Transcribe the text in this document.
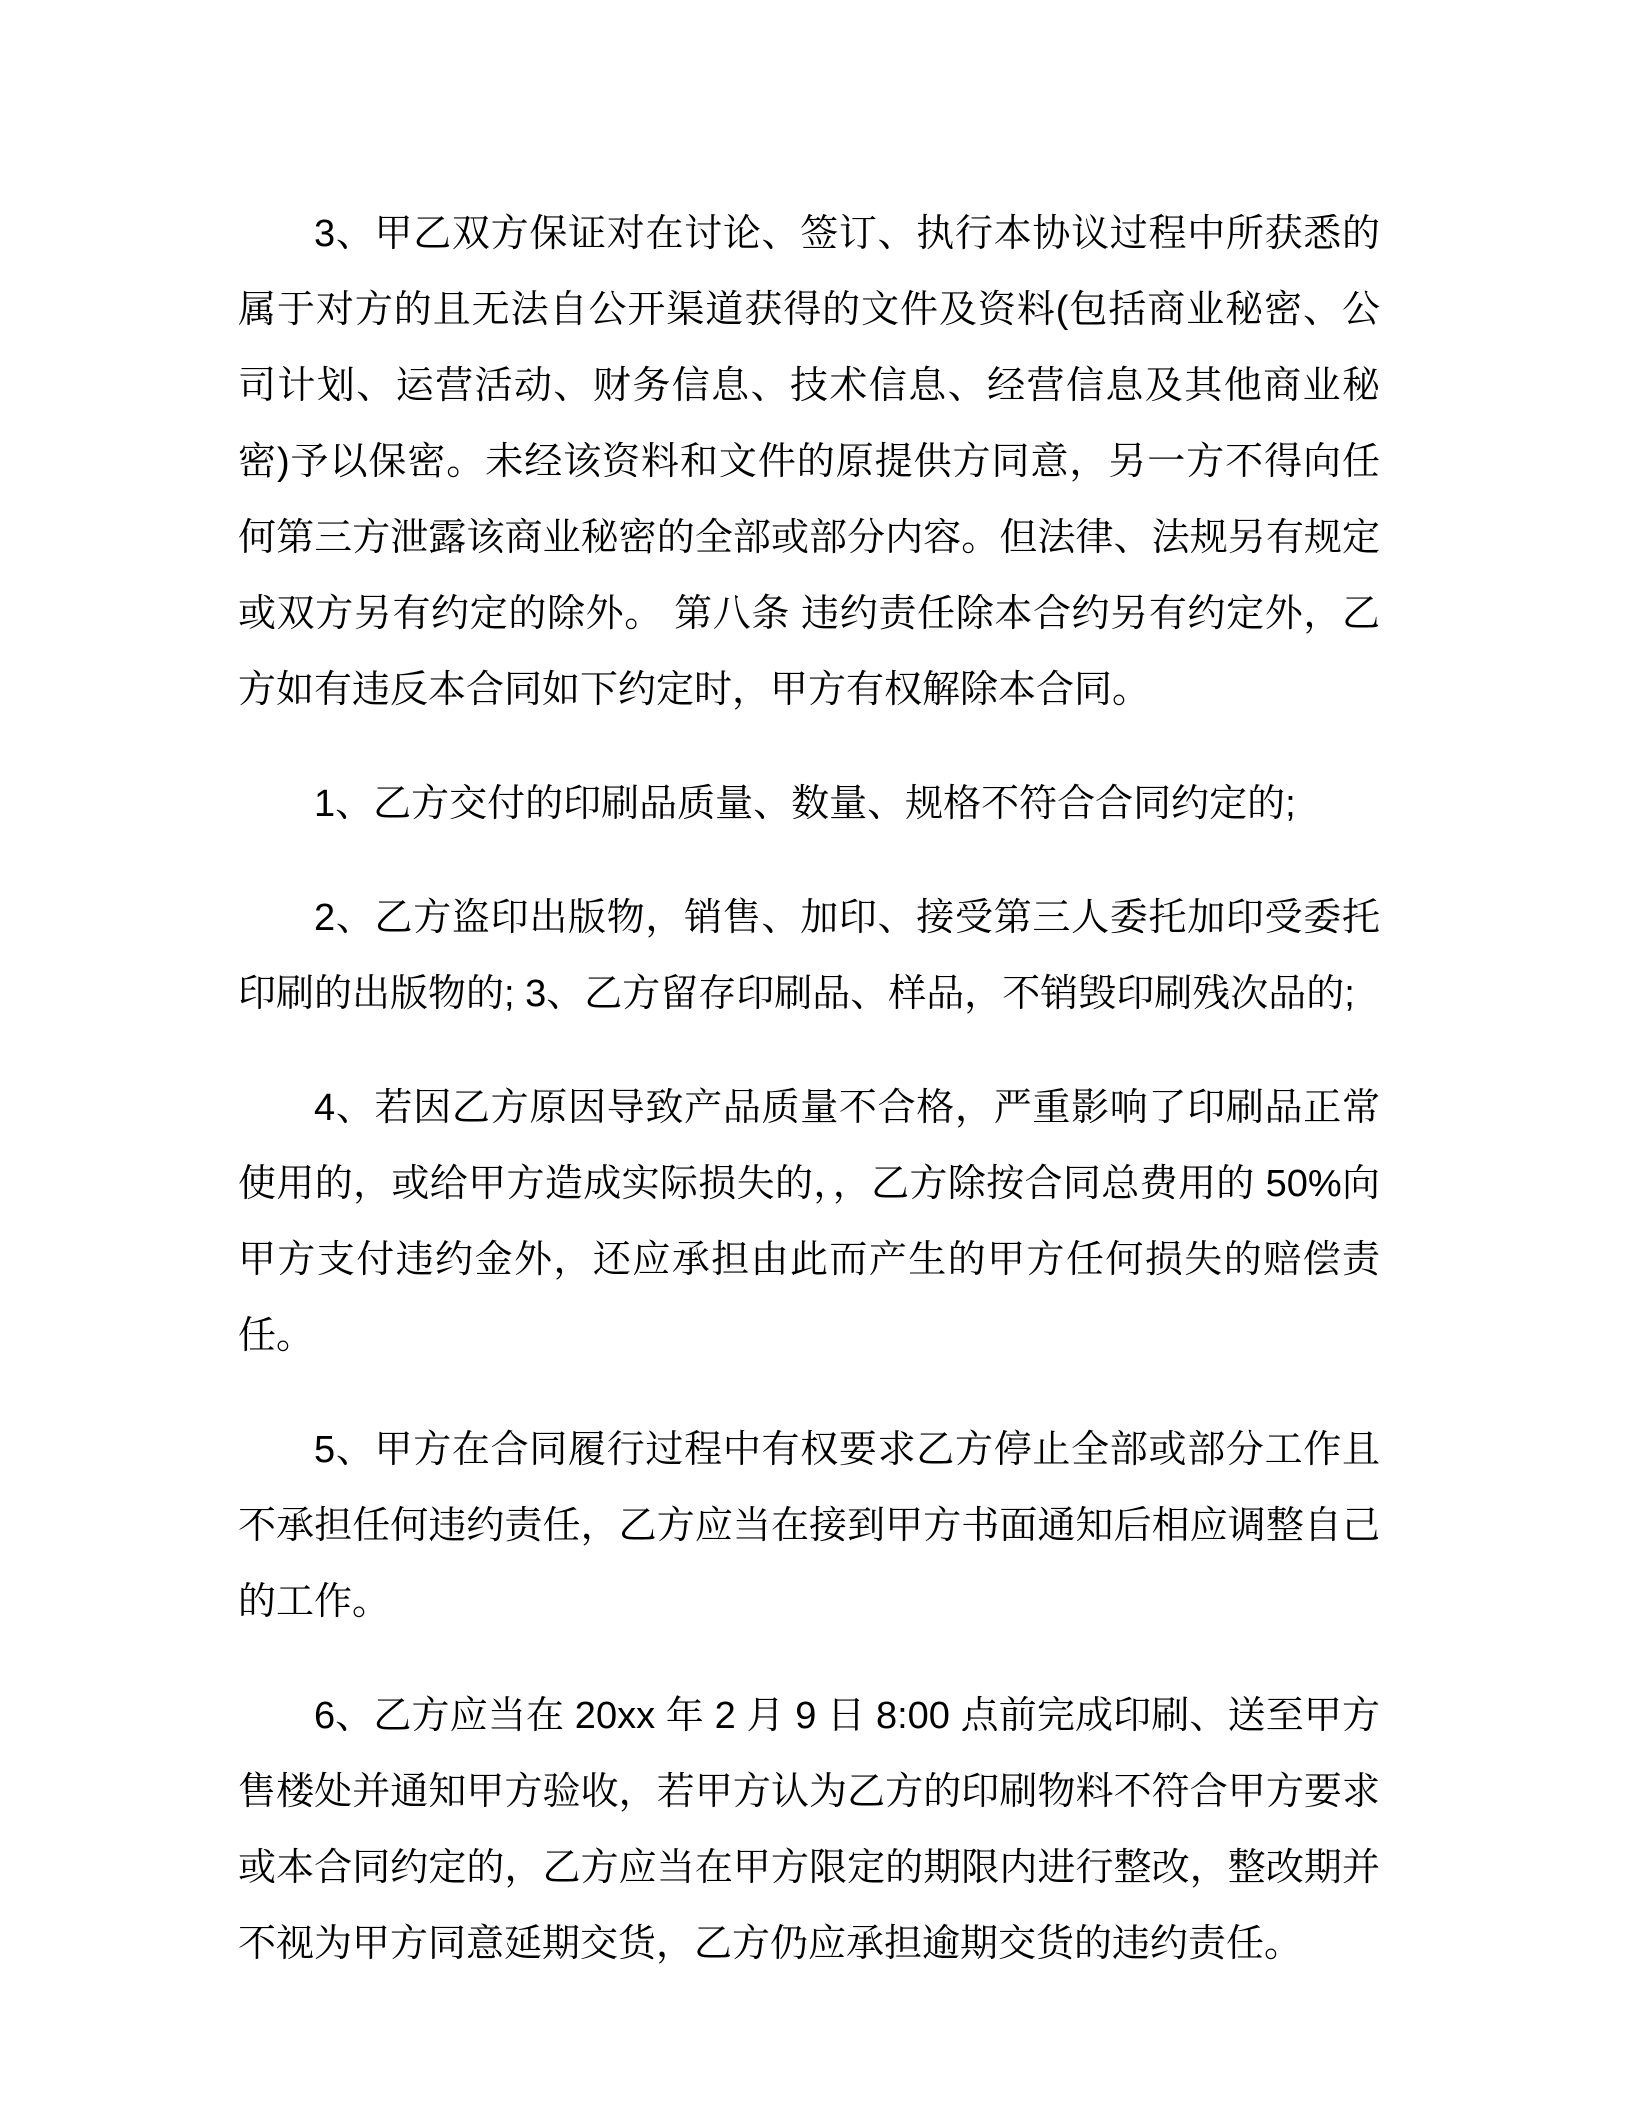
3、甲乙双方保证对在讨论、签订、执行本协议过程中所获悉的属于对方的且无法自公开渠道获得的文件及资料(包括商业秘密、公司计划、运营活动、财务信息、技术信息、经营信息及其他商业秘密)予以保密。未经该资料和文件的原提供方同意，另一方不得向任何第三方泄露该商业秘密的全部或部分内容。但法律、法规另有规定或双方另有约定的除外。 第八条 违约责任除本合约另有约定外，乙方如有违反本合同如下约定时，甲方有权解除本合同。

1、乙方交付的印刷品质量、数量、规格不符合合同约定的;

2、乙方盗印出版物，销售、加印、接受第三人委托加印受委托印刷的出版物的; 3、乙方留存印刷品、样品，不销毁印刷残次品的;

4、若因乙方原因导致产品质量不合格，严重影响了印刷品正常使用的，或给甲方造成实际损失的，，乙方除按合同总费用的 50%向甲方支付违约金外，还应承担由此而产生的甲方任何损失的赔偿责任。

5、甲方在合同履行过程中有权要求乙方停止全部或部分工作且不承担任何违约责任，乙方应当在接到甲方书面通知后相应调整自己的工作。

6、乙方应当在 20xx 年 2 月 9 日 8:00 点前完成印刷、送至甲方售楼处并通知甲方验收，若甲方认为乙方的印刷物料不符合甲方要求或本合同约定的，乙方应当在甲方限定的期限内进行整改，整改期并不视为甲方同意延期交货，乙方仍应承担逾期交货的违约责任。
